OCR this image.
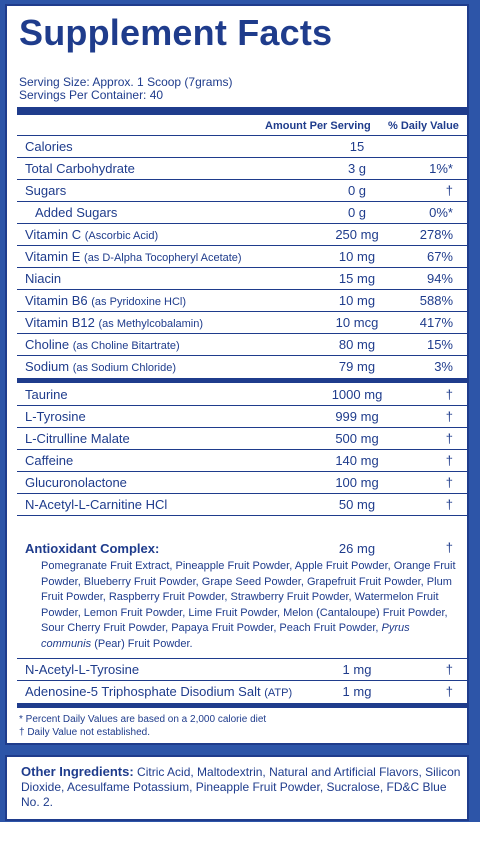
Supplement Facts
Serving Size: Approx. 1 Scoop (7grams)
Servings Per Container: 40
Amount Per Serving % Daily Value
Calories	15
Total Carbohydrate	3 g	1%*
Sugars	0 g	†
Added Sugars	0 g	0%*
Vitamin C (Ascorbic Acid)	250 mg	278%
Vitamin E (as D-Alpha Tocopheryl Acetate)	10 mg	67%
Niacin	15 mg	94%
Vitamin B6 (as Pyridoxine HCl)	10 mg	588%
Vitamin B12 (as Methylcobalamin)	10 mcg	417%
Choline (as Choline Bitartrate)	80 mg	15%
Sodium (as Sodium Chloride)	79 mg	3%
Taurine	1000 mg	†
L-Tyrosine	999 mg	†
L-Citrulline Malate	500 mg	†
Caffeine	140 mg	†
Glucuronolactone	100 mg	†
N-Acetyl-L-Carnitine HCl	50 mg	†
Antioxidant Complex:	26 mg	†
Pomegranate Fruit Extract, Pineapple Fruit Powder, Apple Fruit Powder, Orange Fruit Powder, Blueberry Fruit Powder, Grape Seed Powder, Grapefruit Fruit Powder, Plum Fruit Powder, Raspberry Fruit Powder, Strawberry Fruit Powder, Watermelon Fruit Powder, Lemon Fruit Powder, Lime Fruit Powder, Melon (Cantaloupe) Fruit Powder, Sour Cherry Fruit Powder, Papaya Fruit Powder, Peach Fruit Powder, Pyrus communis (Pear) Fruit Powder.
N-Acetyl-L-Tyrosine	1 mg	†
Adenosine-5 Triphosphate Disodium Salt (ATP)	1 mg	†
* Percent Daily Values are based on a 2,000 calorie diet
† Daily Value not established.
Other Ingredients: Citric Acid, Maltodextrin, Natural and Artificial Flavors, Silicon Dioxide, Acesulfame Potassium, Pineapple Fruit Powder, Sucralose, FD&C Blue No. 2.
